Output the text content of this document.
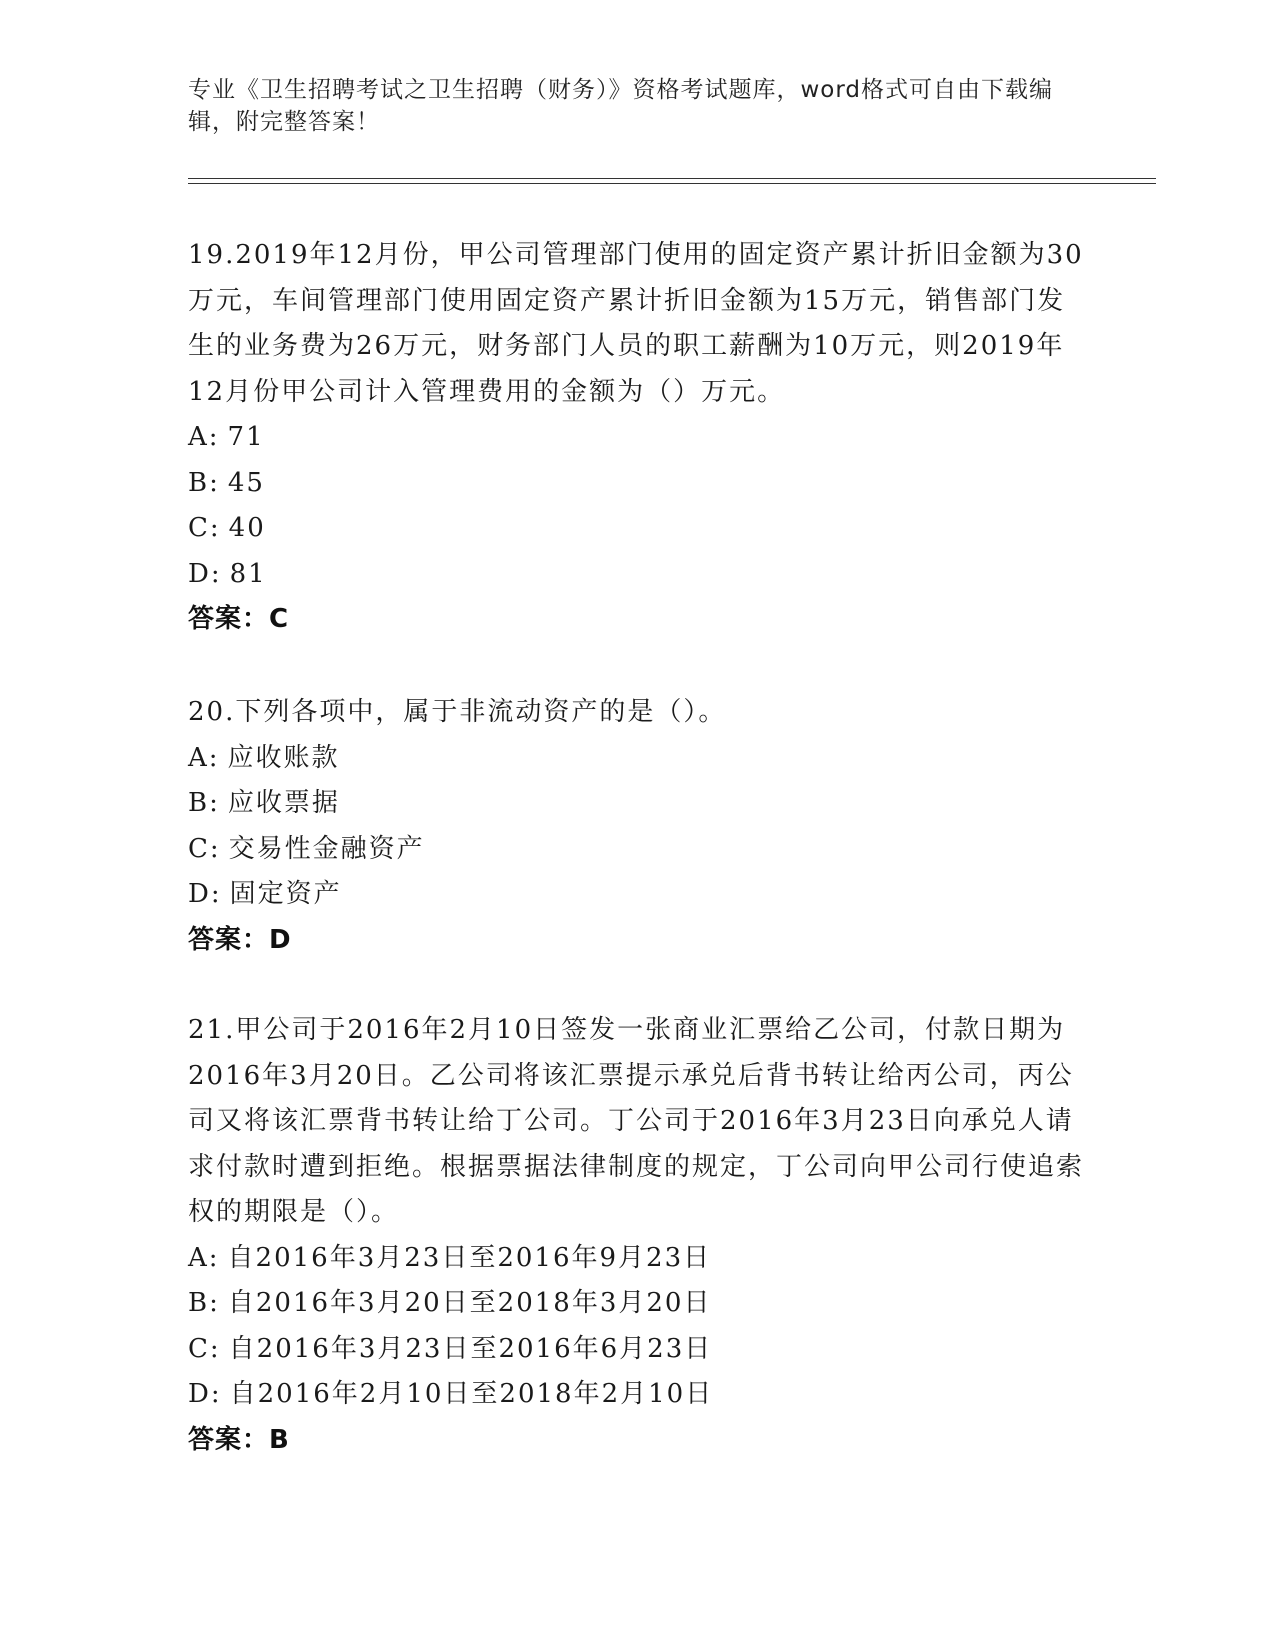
专业《卫生招聘考试之卫生招聘（财务）》资格考试题库，word格式可自由下载编辑，附完整答案！
19.2019年12月份，甲公司管理部门使用的固定资产累计折旧金额为30万元，车间管理部门使用固定资产累计折旧金额为15万元，销售部门发生的业务费为26万元，财务部门人员的职工薪酬为10万元，则2019年12月份甲公司计入管理费用的金额为（）万元。
A: 71
B: 45
C: 40
D: 81
答案：C
20.下列各项中，属于非流动资产的是（）。
A: 应收账款
B: 应收票据
C: 交易性金融资产
D: 固定资产
答案：D
21.甲公司于2016年2月10日签发一张商业汇票给乙公司，付款日期为2016年3月20日。乙公司将该汇票提示承兑后背书转让给丙公司，丙公司又将该汇票背书转让给丁公司。丁公司于2016年3月23日向承兑人请求付款时遭到拒绝。根据票据法律制度的规定，丁公司向甲公司行使追索权的期限是（）。
A: 自2016年3月23日至2016年9月23日
B: 自2016年3月20日至2018年3月20日
C: 自2016年3月23日至2016年6月23日
D: 自2016年2月10日至2018年2月10日
答案：B
